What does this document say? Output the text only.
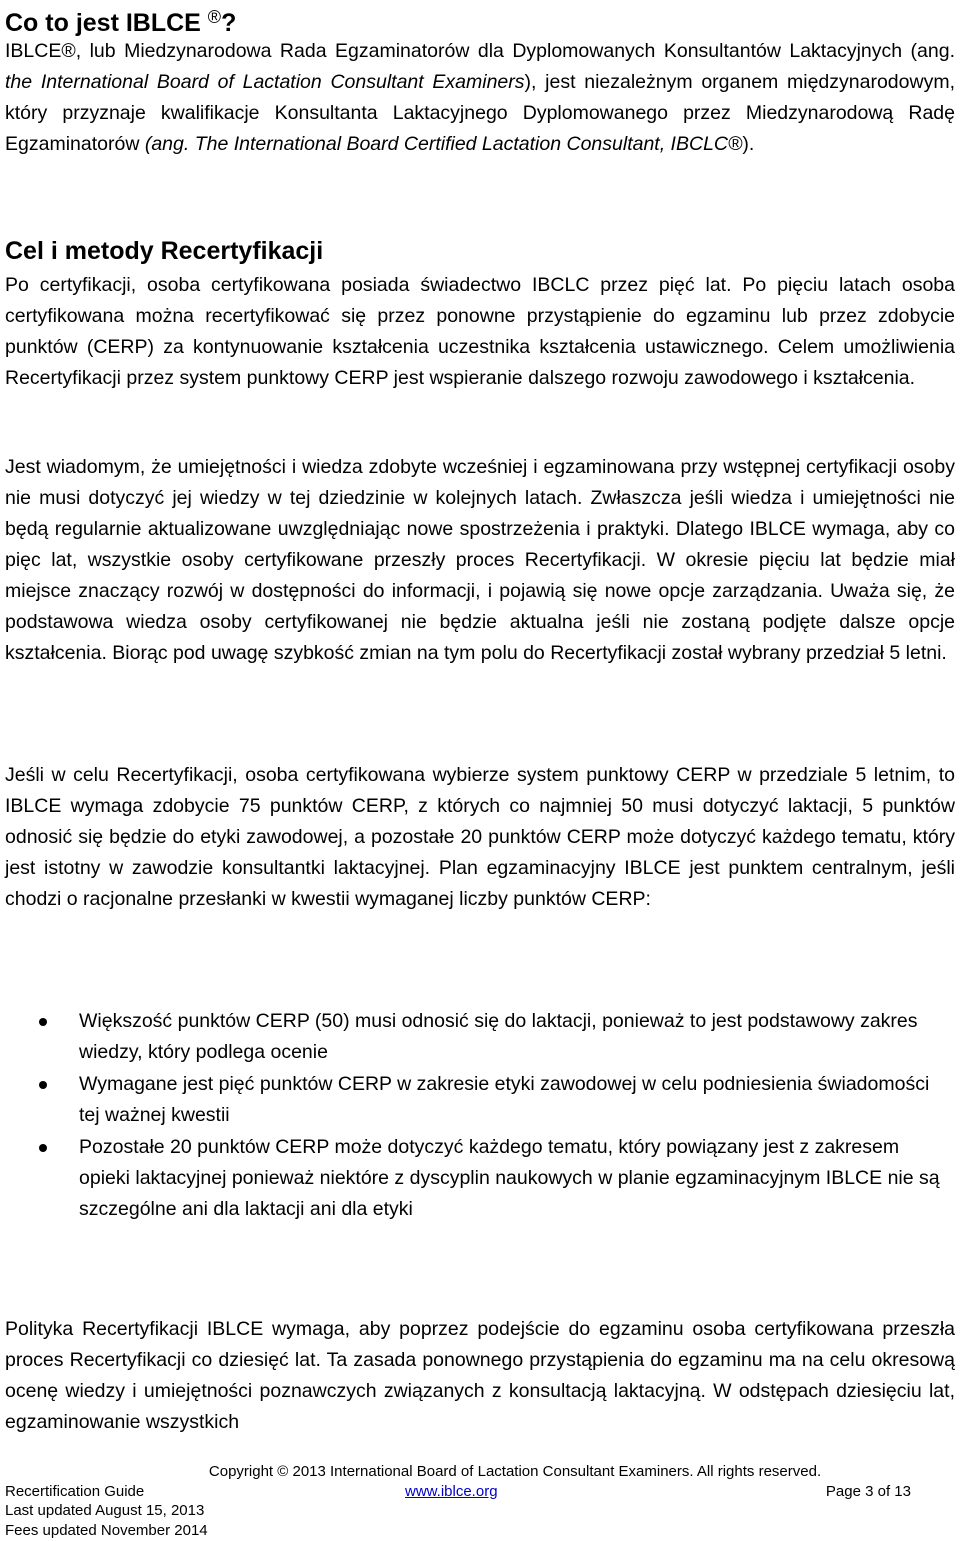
Co to jest IBLCE ®?

IBLCE®, lub Miedzynarodowa Rada Egzaminatorów dla Dyplomowanych Konsultantów Laktacyjnych (ang. the International Board of Lactation Consultant Examiners), jest niezależnym organem międzynarodowym, który przyznaje kwalifikacje Konsultanta Laktacyjnego Dyplomowanego przez Miedzynarodową Radę Egzaminatorów (ang. The International Board Certified Lactation Consultant, IBCLC®).

Cel i metody Recertyfikacji

Po certyfikacji, osoba certyfikowana posiada świadectwo IBCLC przez pięć lat. Po pięciu latach osoba certyfikowana można recertyfikować się przez ponowne przystąpienie do egzaminu lub przez zdobycie punktów (CERP) za kontynuowanie kształcenia uczestnika kształcenia ustawicznego. Celem umożliwienia Recertyfikacji przez system punktowy CERP jest wspieranie dalszego rozwoju zawodowego i kształcenia.

Jest wiadomym, że umiejętności i wiedza zdobyte wcześniej i egzaminowana przy wstępnej certyfikacji osoby nie musi dotyczyć jej wiedzy w tej dziedzinie w kolejnych latach. Zwłaszcza jeśli wiedza i umiejętności nie będą regularnie aktualizowane uwzględniając nowe spostrzeżenia i praktyki. Dlatego IBLCE wymaga, aby co pięc lat, wszystkie osoby certyfikowane przeszły proces Recertyfikacji. W okresie pięciu lat będzie miał miejsce znaczący rozwój w dostępności do informacji, i pojawią się nowe opcje zarządzania. Uważa się, że podstawowa wiedza osoby certyfikowanej nie będzie aktualna jeśli nie zostaną podjęte dalsze opcje kształcenia. Biorąc pod uwagę szybkość zmian na tym polu do Recertyfikacji został wybrany przedział 5 letni.

Jeśli w celu Recertyfikacji, osoba certyfikowana wybierze system punktowy CERP w przedziale 5 letnim, to IBLCE wymaga zdobycie 75 punktów CERP, z których co najmniej 50 musi dotyczyć laktacji, 5 punktów odnosić się będzie do etyki zawodowej, a pozostałe 20 punktów CERP może dotyczyć każdego tematu, który jest istotny w zawodzie konsultantki laktacyjnej. Plan egzaminacyjny IBLCE jest punktem centralnym, jeśli chodzi o racjonalne przesłanki w kwestii wymaganej liczby punktów CERP:

Większość punktów CERP (50) musi odnosić się do laktacji, ponieważ to jest podstawowy zakres wiedzy, który podlega ocenie
Wymagane jest pięć punktów CERP w zakresie etyki zawodowej w celu podniesienia świadomości tej ważnej kwestii
Pozostałe 20 punktów CERP może dotyczyć każdego tematu, który powiązany jest z zakresem opieki laktacyjnej ponieważ niektóre z dyscyplin naukowych w planie egzaminacyjnym IBLCE nie są szczególne ani dla laktacji ani dla etyki

Polityka Recertyfikacji IBLCE wymaga, aby poprzez podejście do egzaminu osoba certyfikowana przeszła proces Recertyfikacji co dziesięć lat. Ta zasada ponownego przystąpienia do egzaminu ma na celu okresową ocenę wiedzy i umiejętności poznawczych związanych z konsultacją laktacyjną. W odstępach dziesięciu lat, egzaminowanie wszystkich

Copyright © 2013 International Board of Lactation Consultant Examiners. All rights reserved.
Recertification Guide	www.iblce.org	Page 3 of 13
Last updated August 15, 2013
Fees updated November 2014
